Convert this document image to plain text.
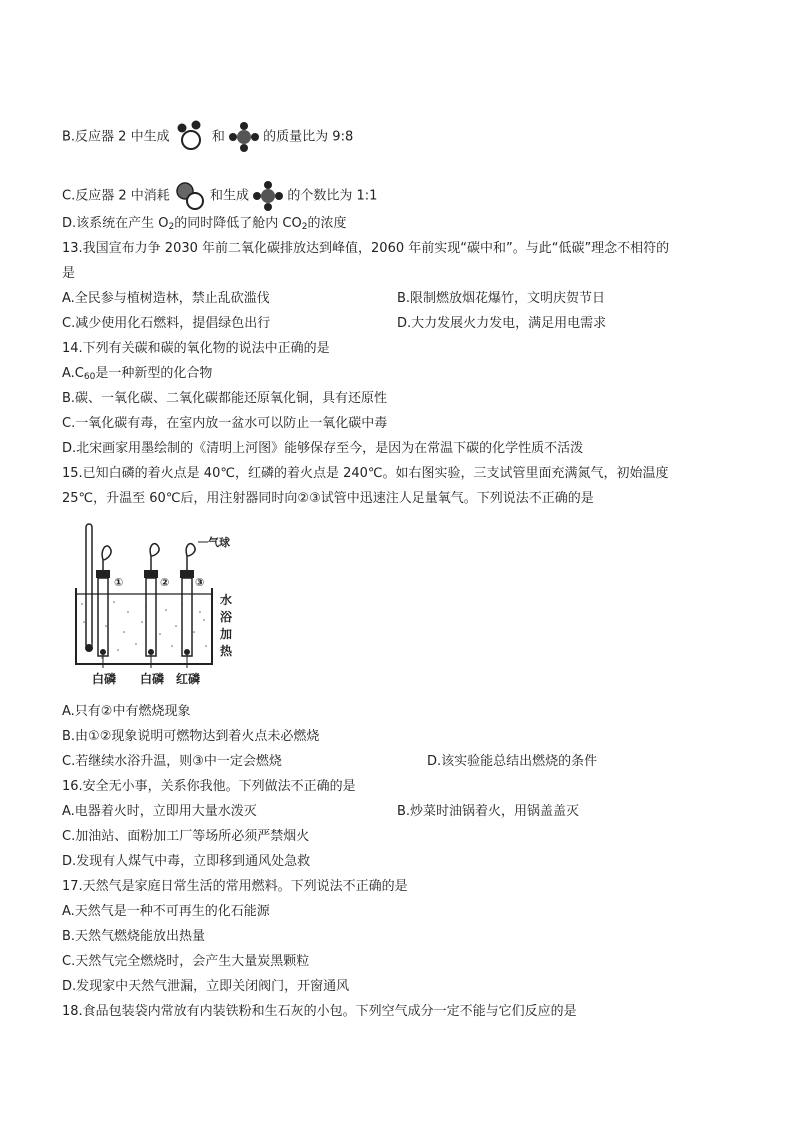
B.反应器 2 中生成	和	的质量比为 9:8
C.反应器 2 中消耗	和生成	的个数比为 1:1
D.该系统在产生 $O_2$的同时降低了舱内 $CO_2$的浓度
13.我国宣布力争 2030 年前二氧化碳排放达到峰值，2060 年前实现“碳中和”。与此“低碳”理念不相符的
是
A.全民参与植树造林，禁止乱砍滥伐	B.限制燃放烟花爆竹，文明庆贺节日
C.减少使用化石燃料，提倡绿色出行	D.大力发展火力发电，满足用电需求
14.下列有关碳和碳的氧化物的说法中正确的是
$A.C_{60}$是一种新型的化合物
B.碳、一氧化碳、二氧化碳都能还原氧化铜，具有还原性
C.一氧化碳有毒，在室内放一盆水可以防止一氧化碳中毒
D.北宋画家用墨绘制的《清明上河图》能够保存至今，是因为在常温下碳的化学性质不活泼
15.已知白磷的着火点是 40℃，红磷的着火点是 240℃。如右图实验，三支试管里面充满氮气，初始温度
25℃，升温至 60℃后，用注射器同时向②③试管中迅速注人足量氧气。下列说法不正确的是
气球
①	② ③
水
浴
加
热
白磷 白磷 红磷
A.只有②中有燃烧现象
B.由①②现象说明可燃物达到着火点未必燃烧
C.若继续水浴升温，则③中一定会燃烧	D.该实验能总结出燃烧的条件
16.安全无小事，关系你我他。下列做法不正确的是
A.电器着火时，立即用大量水泼灭	B.炒菜时油锅着火，用锅盖盖灭
C.加油站、面粉加工厂等场所必须严禁烟火
D.发现有人煤气中毒，立即移到通风处急救
17.天然气是家庭日常生活的常用燃料。下列说法不正确的是
A.天然气是一种不可再生的化石能源
B.天然气燃烧能放出热量
C.天然气完全燃烧时，会产生大量炭黑颗粒
D.发现家中天然气泄漏，立即关闭阀门，开窗通风
18.食品包装袋内常放有内装铁粉和生石灰的小包。下列空气成分一定不能与它们反应的是
